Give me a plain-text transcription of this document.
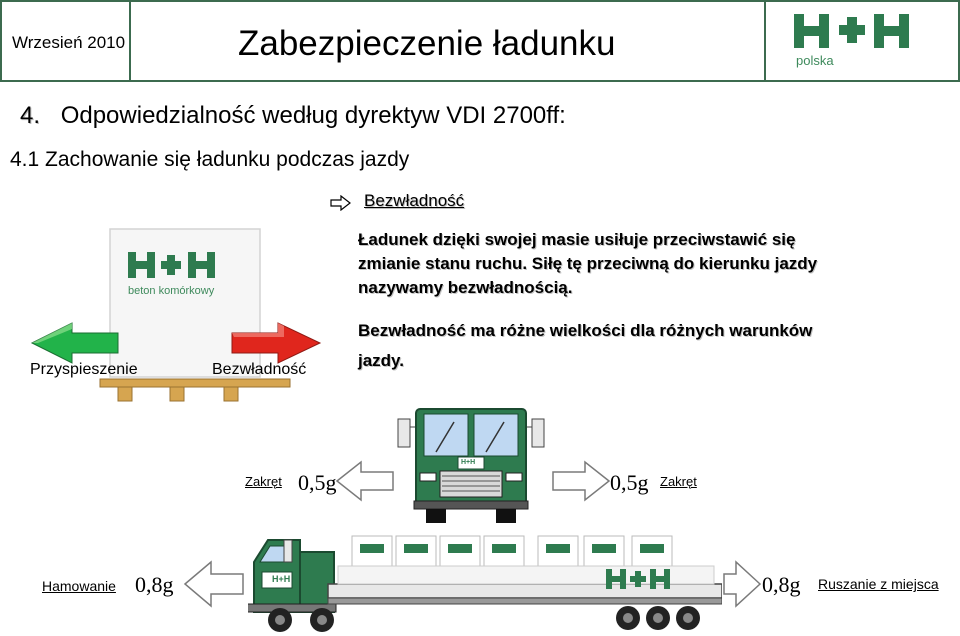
Wrzesień 2010	Zabezpieczenie ładunku	polska
4. Odpowiedzialność według dyrektyw VDI 2700ff:
4.1 Zachowanie się ładunku podczas jazdy
Bezwładność
Ładunek dzięki swojej masie usiłuje przeciwstawić się
zmianie stanu ruchu. Siłę tę przeciwną do kierunku jazdy
nazywamy bezwładnością.
Bezwładność ma różne wielkości dla różnych warunków
jazdy.
beton komórkowy
Przyspieszenie	Bezwładność
H+H
Zakręt 0,5g	0,5g Zakręt
H+H
Hamowanie 0,8g	0,8g Ruszanie z miejsca
